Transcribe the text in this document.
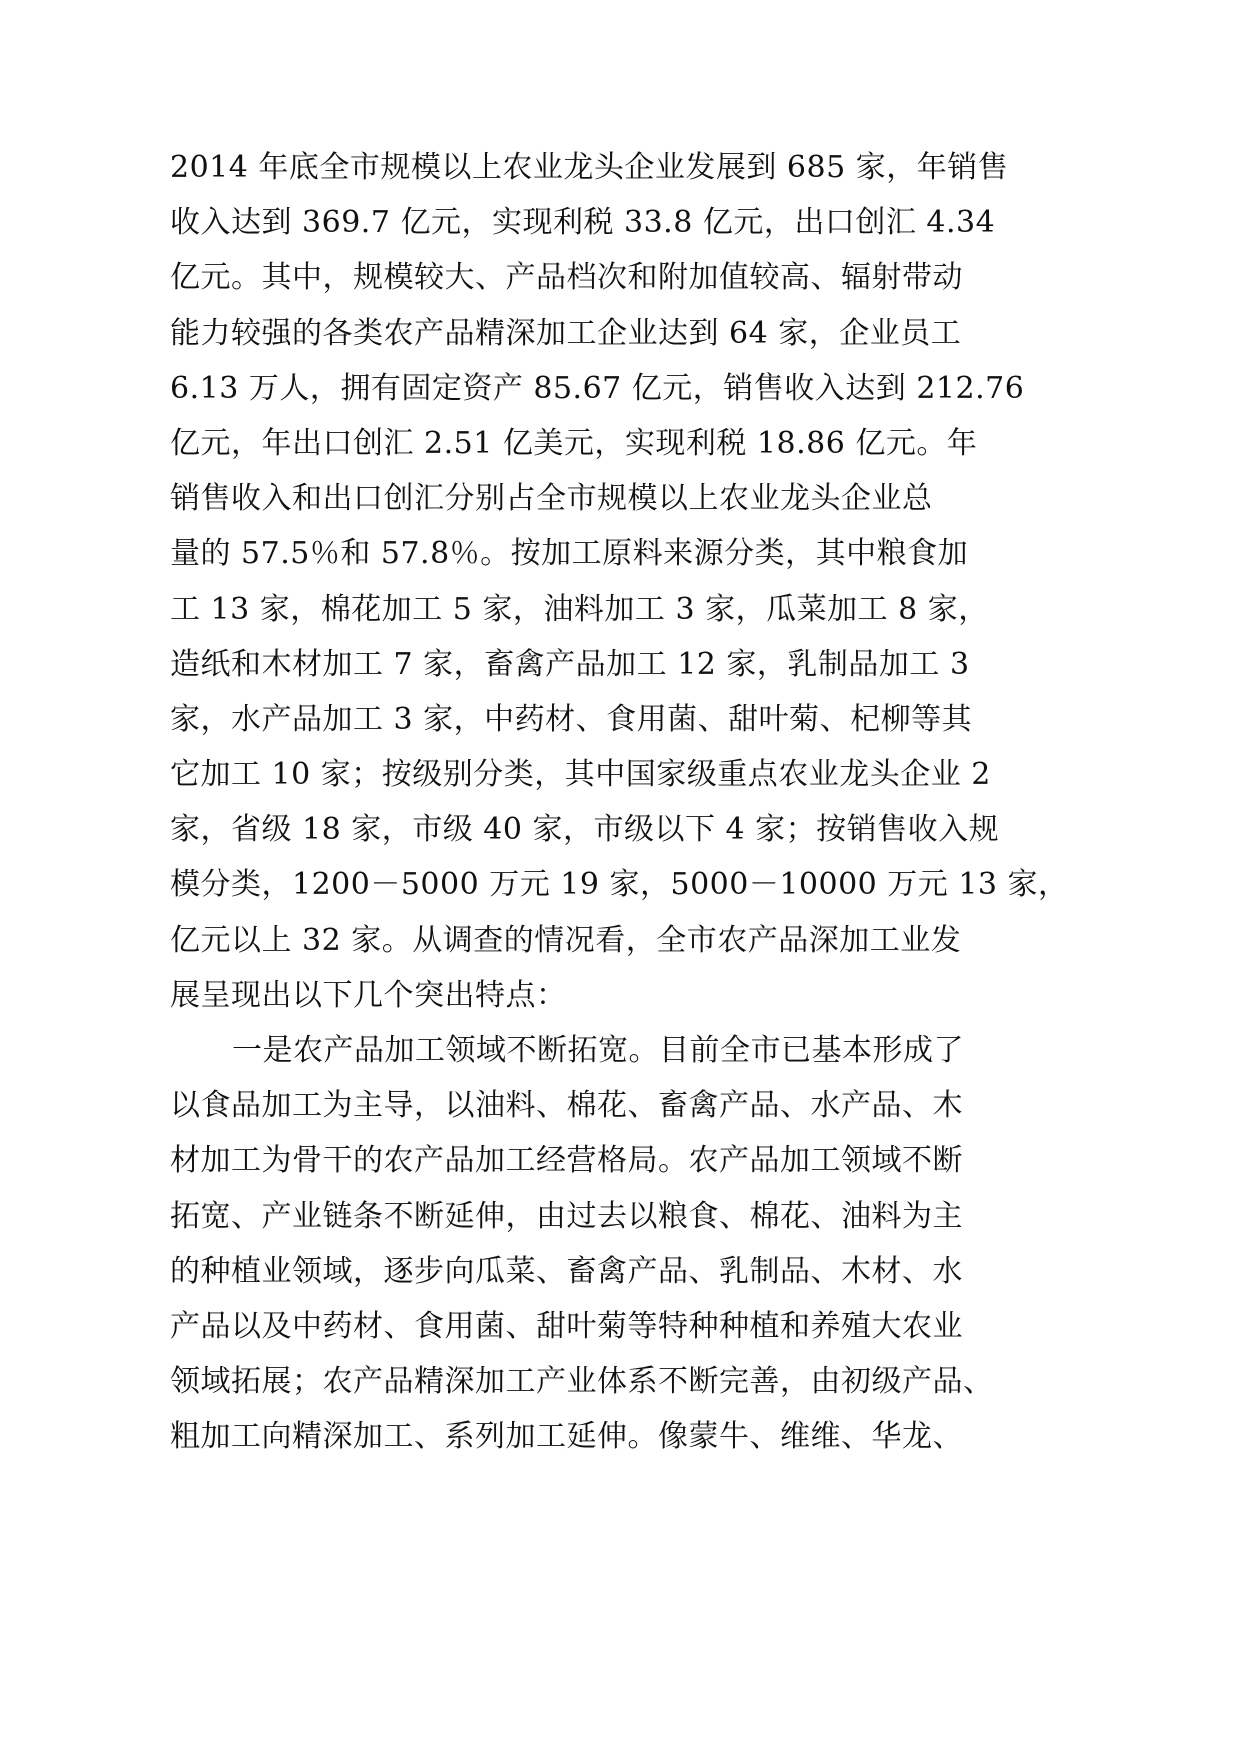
2014 年底全市规模以上农业龙头企业发展到 685 家，年销售
收入达到 369.7 亿元，实现利税 33.8 亿元，出口创汇 4.34
亿元。其中，规模较大、产品档次和附加值较高、辐射带动
能力较强的各类农产品精深加工企业达到 64 家，企业员工
6.13 万人，拥有固定资产 85.67 亿元，销售收入达到 212.76
亿元，年出口创汇 2.51 亿美元，实现利税 18.86 亿元。年
销售收入和出口创汇分别占全市规模以上农业龙头企业总
量的 57.5％和 57.8％。按加工原料来源分类，其中粮食加
工 13 家，棉花加工 5 家，油料加工 3 家，瓜菜加工 8 家，
造纸和木材加工 7 家，畜禽产品加工 12 家，乳制品加工 3
家，水产品加工 3 家，中药材、食用菌、甜叶菊、杞柳等其
它加工 10 家；按级别分类，其中国家级重点农业龙头企业 2
家，省级 18 家，市级 40 家，市级以下 4 家；按销售收入规
模分类，1200－5000 万元 19 家，5000－10000 万元 13 家，
亿元以上 32 家。从调查的情况看，全市农产品深加工业发
展呈现出以下几个突出特点：
一是农产品加工领域不断拓宽。目前全市已基本形成了
以食品加工为主导，以油料、棉花、畜禽产品、水产品、木
材加工为骨干的农产品加工经营格局。农产品加工领域不断
拓宽、产业链条不断延伸，由过去以粮食、棉花、油料为主
的种植业领域，逐步向瓜菜、畜禽产品、乳制品、木材、水
产品以及中药材、食用菌、甜叶菊等特种种植和养殖大农业
领域拓展；农产品精深加工产业体系不断完善，由初级产品、
粗加工向精深加工、系列加工延伸。像蒙牛、维维、华龙、
